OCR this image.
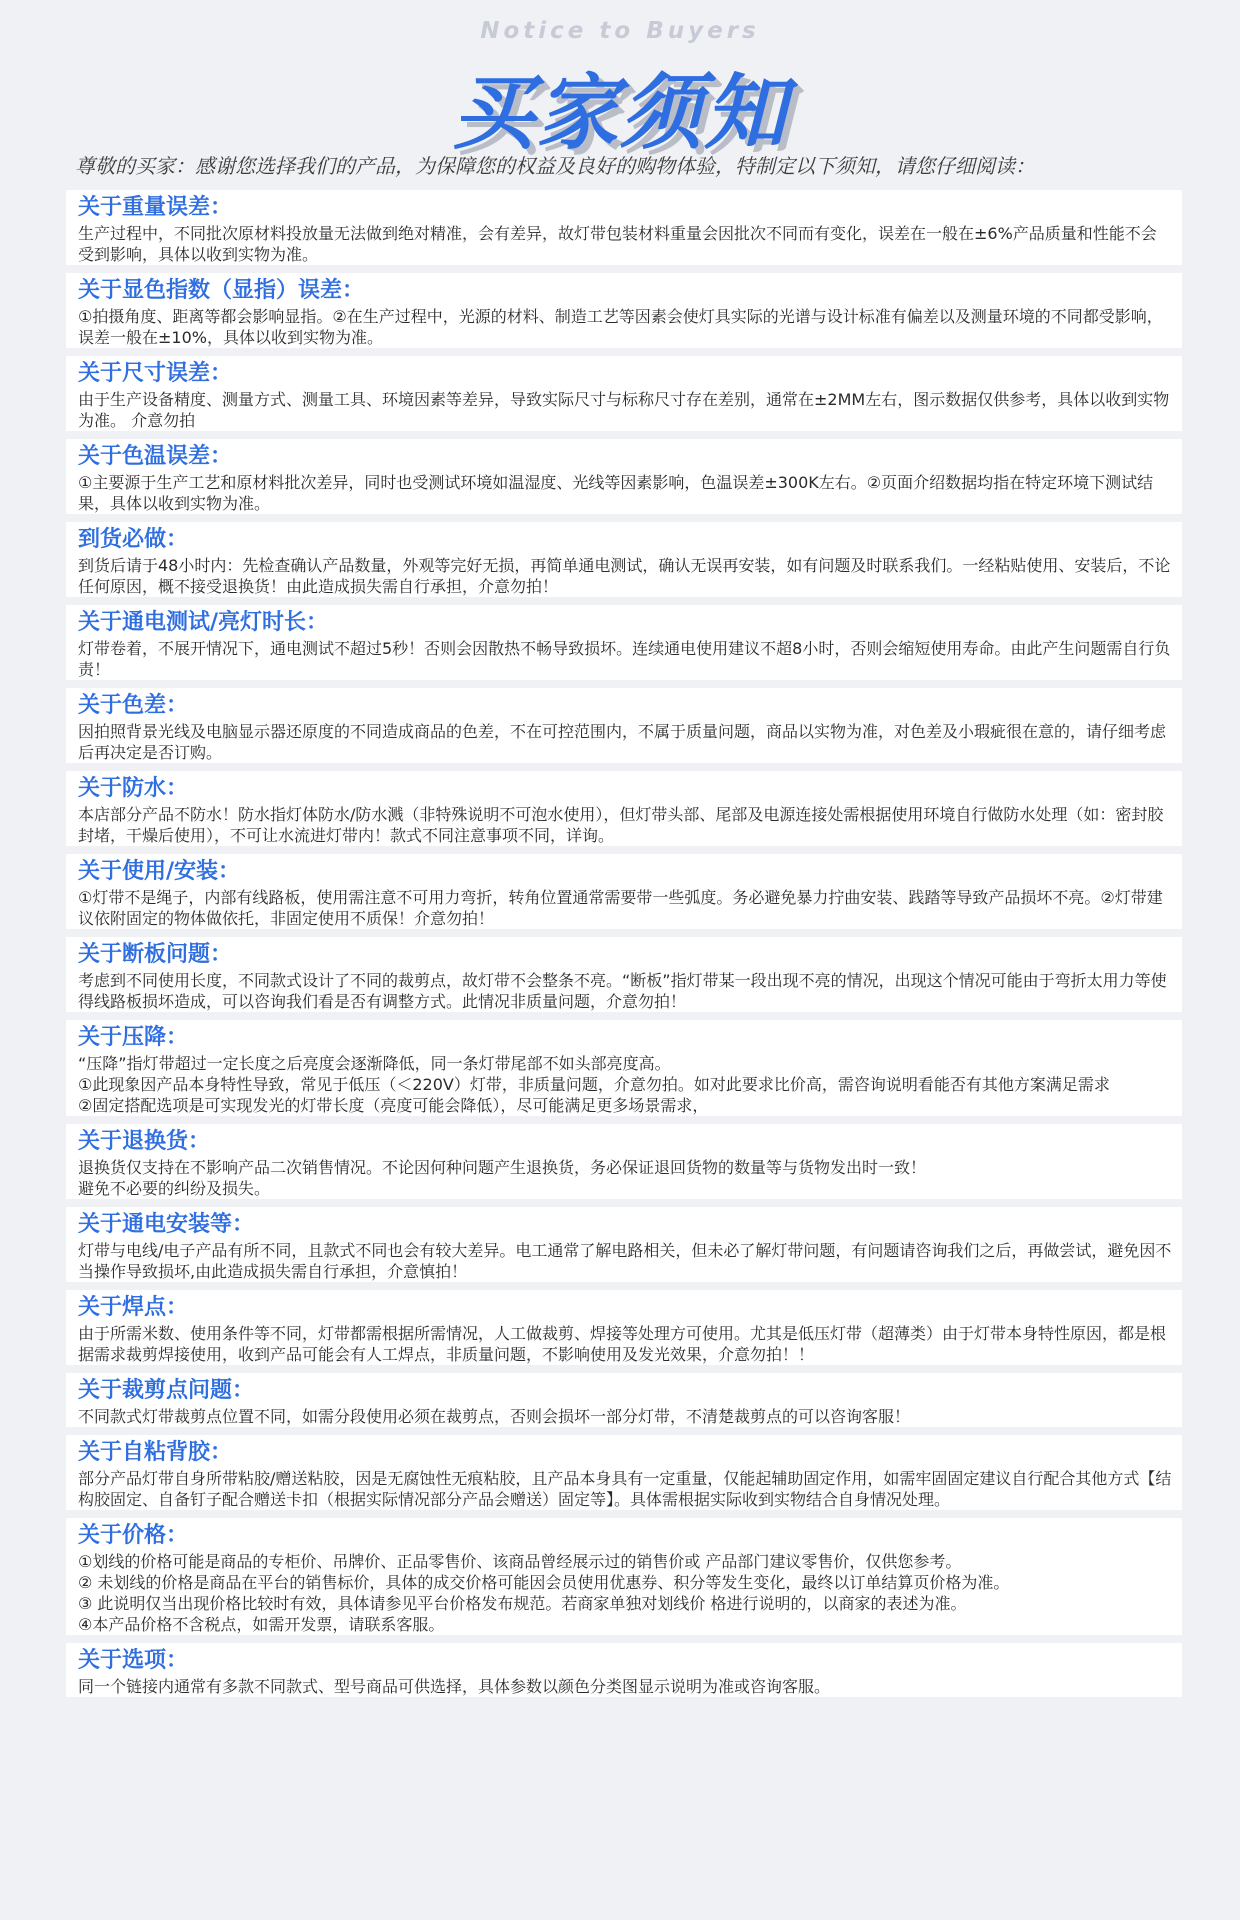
Notice to Buyers
买家须知
尊敬的买家：感谢您选择我们的产品，为保障您的权益及良好的购物体验，特制定以下须知，请您仔细阅读：
关于重量误差：
生产过程中，不同批次原材料投放量无法做到绝对精准，会有差异，故灯带包装材料重量会因批次不同而有变化，误差在一般在±6%产品质量和性能不会受到影响，具体以收到实物为准。
关于显色指数（显指）误差：
①拍摄角度、距离等都会影响显指。②在生产过程中，光源的材料、制造工艺等因素会使灯具实际的光谱与设计标准有偏差以及测量环境的不同都受影响，误差一般在±10%，具体以收到实物为准。
关于尺寸误差：
由于生产设备精度、测量方式、测量工具、环境因素等差异，导致实际尺寸与标称尺寸存在差别，通常在±2MM左右，图示数据仅供参考，具体以收到实物为准。 介意勿拍
关于色温误差：
①主要源于生产工艺和原材料批次差异，同时也受测试环境如温湿度、光线等因素影响，色温误差±300K左右。②页面介绍数据均指在特定环境下测试结果，具体以收到实物为准。
到货必做：
到货后请于48小时内：先检查确认产品数量，外观等完好无损，再简单通电测试，确认无误再安装，如有问题及时联系我们。一经粘贴使用、安装后，不论任何原因，概不接受退换货！由此造成损失需自行承担，介意勿拍！
关于通电测试/亮灯时长：
灯带卷着，不展开情况下，通电测试不超过5秒！否则会因散热不畅导致损坏。连续通电使用建议不超8小时，否则会缩短使用寿命。由此产生问题需自行负责！
关于色差：
因拍照背景光线及电脑显示器还原度的不同造成商品的色差，不在可控范围内，不属于质量问题，商品以实物为准，对色差及小瑕疵很在意的，请仔细考虑后再决定是否订购。
关于防水：
本店部分产品不防水！防水指灯体防水/防水溅（非特殊说明不可泡水使用），但灯带头部、尾部及电源连接处需根据使用环境自行做防水处理（如：密封胶封堵，干燥后使用），不可让水流进灯带内！款式不同注意事项不同，详询。
关于使用/安装：
①灯带不是绳子，内部有线路板，使用需注意不可用力弯折，转角位置通常需要带一些弧度。务必避免暴力拧曲安装、践踏等导致产品损坏不亮。②灯带建议依附固定的物体做依托，非固定使用不质保！介意勿拍！
关于断板问题：
考虑到不同使用长度，不同款式设计了不同的裁剪点，故灯带不会整条不亮。“断板”指灯带某一段出现不亮的情况，出现这个情况可能由于弯折太用力等使得线路板损坏造成，可以咨询我们看是否有调整方式。此情况非质量问题，介意勿拍！
关于压降：
“压降”指灯带超过一定长度之后亮度会逐渐降低，同一条灯带尾部不如头部亮度高。
①此现象因产品本身特性导致，常见于低压（＜220V）灯带，非质量问题，介意勿拍。如对此要求比价高，需咨询说明看能否有其他方案满足需求
②固定搭配选项是可实现发光的灯带长度（亮度可能会降低），尽可能满足更多场景需求，
关于退换货：
退换货仅支持在不影响产品二次销售情况。不论因何种问题产生退换货，务必保证退回货物的数量等与货物发出时一致！
避免不必要的纠纷及损失。
关于通电安装等：
灯带与电线/电子产品有所不同，且款式不同也会有较大差异。电工通常了解电路相关，但未必了解灯带问题，有问题请咨询我们之后，再做尝试，避免因不当操作导致损坏,由此造成损失需自行承担，介意慎拍！
关于焊点：
由于所需米数、使用条件等不同，灯带都需根据所需情况，人工做裁剪、焊接等处理方可使用。尤其是低压灯带（超薄类）由于灯带本身特性原因，都是根据需求裁剪焊接使用，收到产品可能会有人工焊点，非质量问题，不影响使用及发光效果，介意勿拍！！
关于裁剪点问题：
不同款式灯带裁剪点位置不同，如需分段使用必须在裁剪点，否则会损坏一部分灯带，不清楚裁剪点的可以咨询客服！
关于自粘背胶：
部分产品灯带自身所带粘胶/赠送粘胶，因是无腐蚀性无痕粘胶，且产品本身具有一定重量，仅能起辅助固定作用，如需牢固固定建议自行配合其他方式【结构胶固定、自备钉子配合赠送卡扣（根据实际情况部分产品会赠送）固定等】。具体需根据实际收到实物结合自身情况处理。
关于价格：
①划线的价格可能是商品的专柜价、吊牌价、正品零售价、该商品曾经展示过的销售价或 产品部门建议零售价，仅供您参考。
② 未划线的价格是商品在平台的销售标价，具体的成交价格可能因会员使用优惠券、积分等发生变化，最终以订单结算页价格为准。
③ 此说明仅当出现价格比较时有效，具体请参见平台价格发布规范。若商家单独对划线价 格进行说明的，以商家的表述为准。
④本产品价格不含税点，如需开发票，请联系客服。
关于选项：
同一个链接内通常有多款不同款式、型号商品可供选择，具体参数以颜色分类图显示说明为准或咨询客服。
